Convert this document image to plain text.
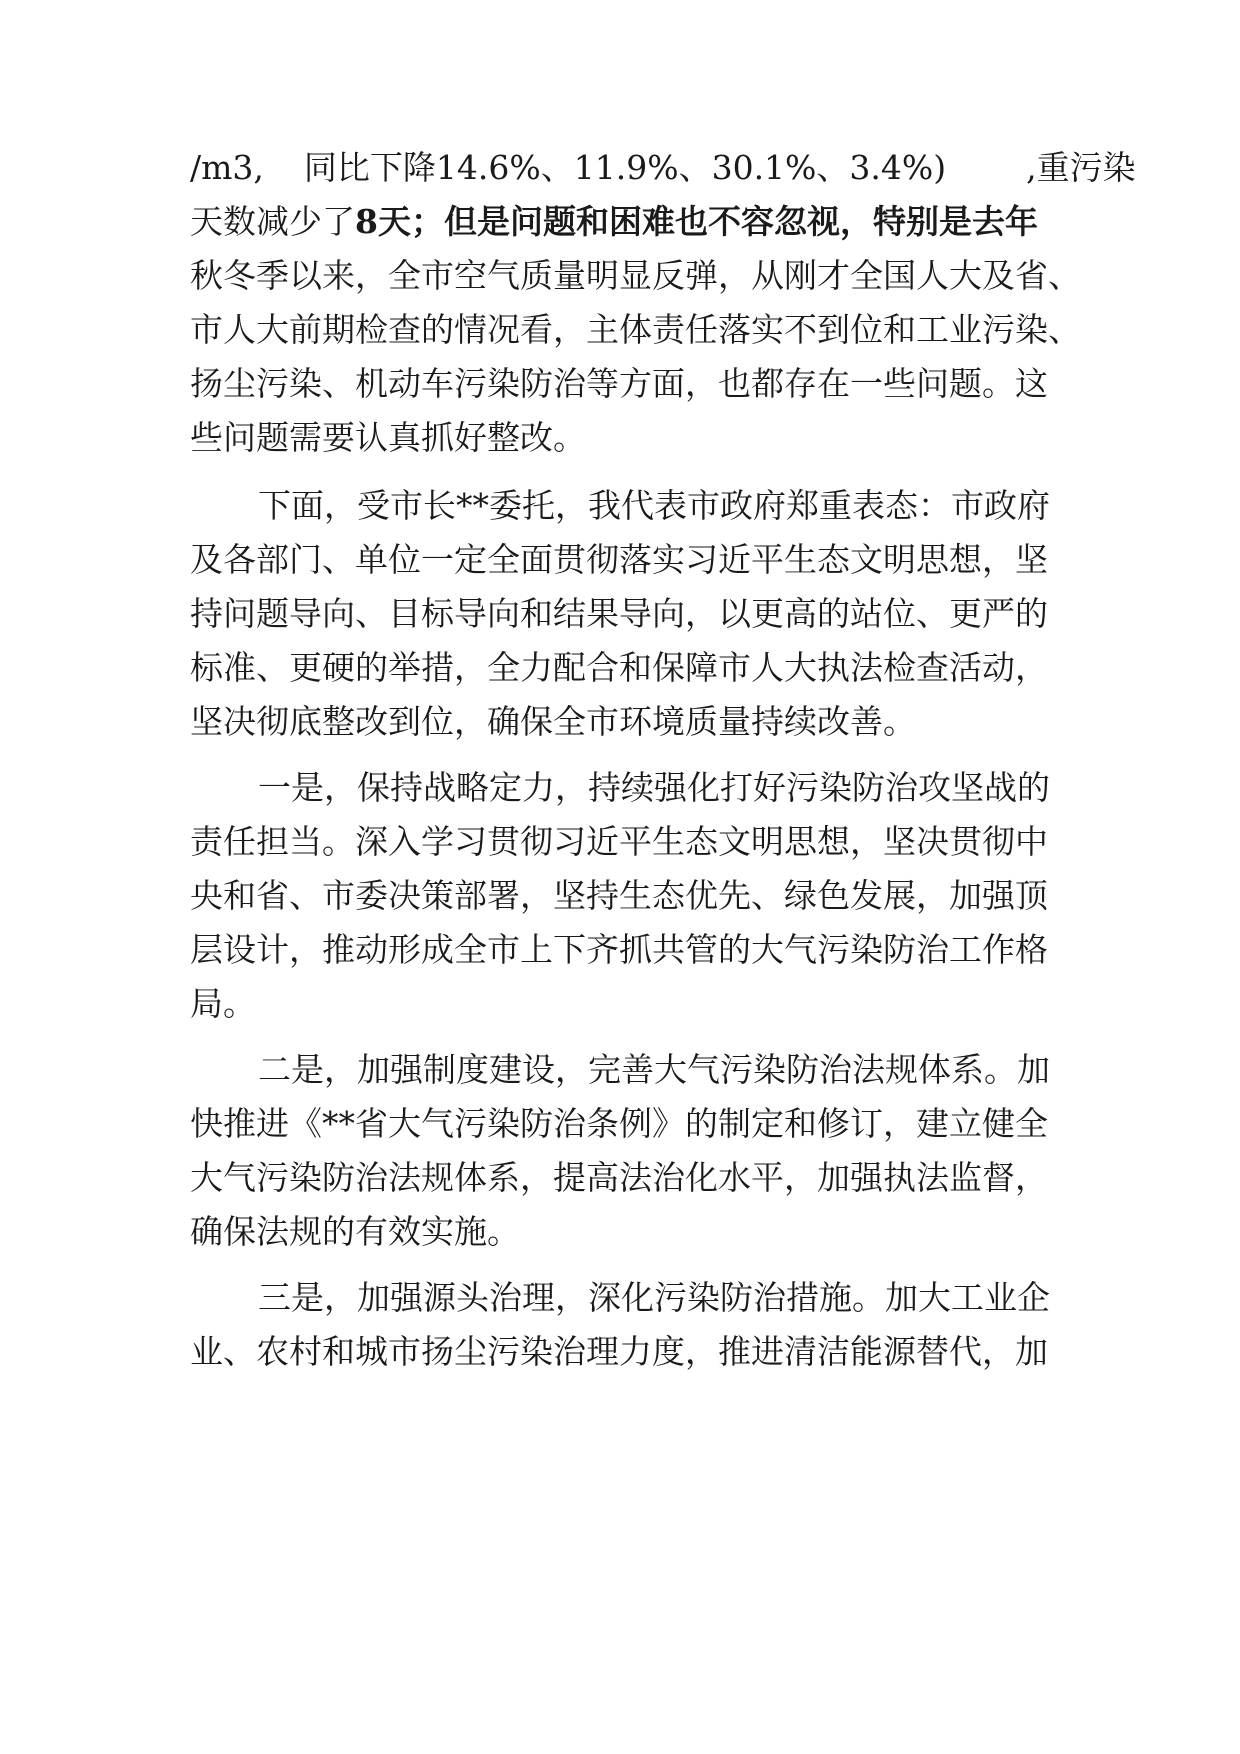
/m3, 同比下降14.6%、11.9%、30.1%、3.4%) ,重污染
天数减少了8天；但是问题和困难也不容忽视，特别是去年
秋冬季以来，全市空气质量明显反弹，从刚才全国人大及省、
市人大前期检查的情况看，主体责任落实不到位和工业污染、
扬尘污染、机动车污染防治等方面，也都存在一些问题。这
些问题需要认真抓好整改。
下面，受市长**委托，我代表市政府郑重表态：市政府
及各部门、单位一定全面贯彻落实习近平生态文明思想，坚
持问题导向、目标导向和结果导向，以更高的站位、更严的
标准、更硬的举措，全力配合和保障市人大执法检查活动，
坚决彻底整改到位，确保全市环境质量持续改善。
一是，保持战略定力，持续强化打好污染防治攻坚战的
责任担当。深入学习贯彻习近平生态文明思想，坚决贯彻中
央和省、市委决策部署，坚持生态优先、绿色发展，加强顶
层设计，推动形成全市上下齐抓共管的大气污染防治工作格
局。
二是，加强制度建设，完善大气污染防治法规体系。加
快推进《**省大气污染防治条例》的制定和修订，建立健全
大气污染防治法规体系，提高法治化水平，加强执法监督，
确保法规的有效实施。
三是，加强源头治理，深化污染防治措施。加大工业企
业、农村和城市扬尘污染治理力度，推进清洁能源替代，加
